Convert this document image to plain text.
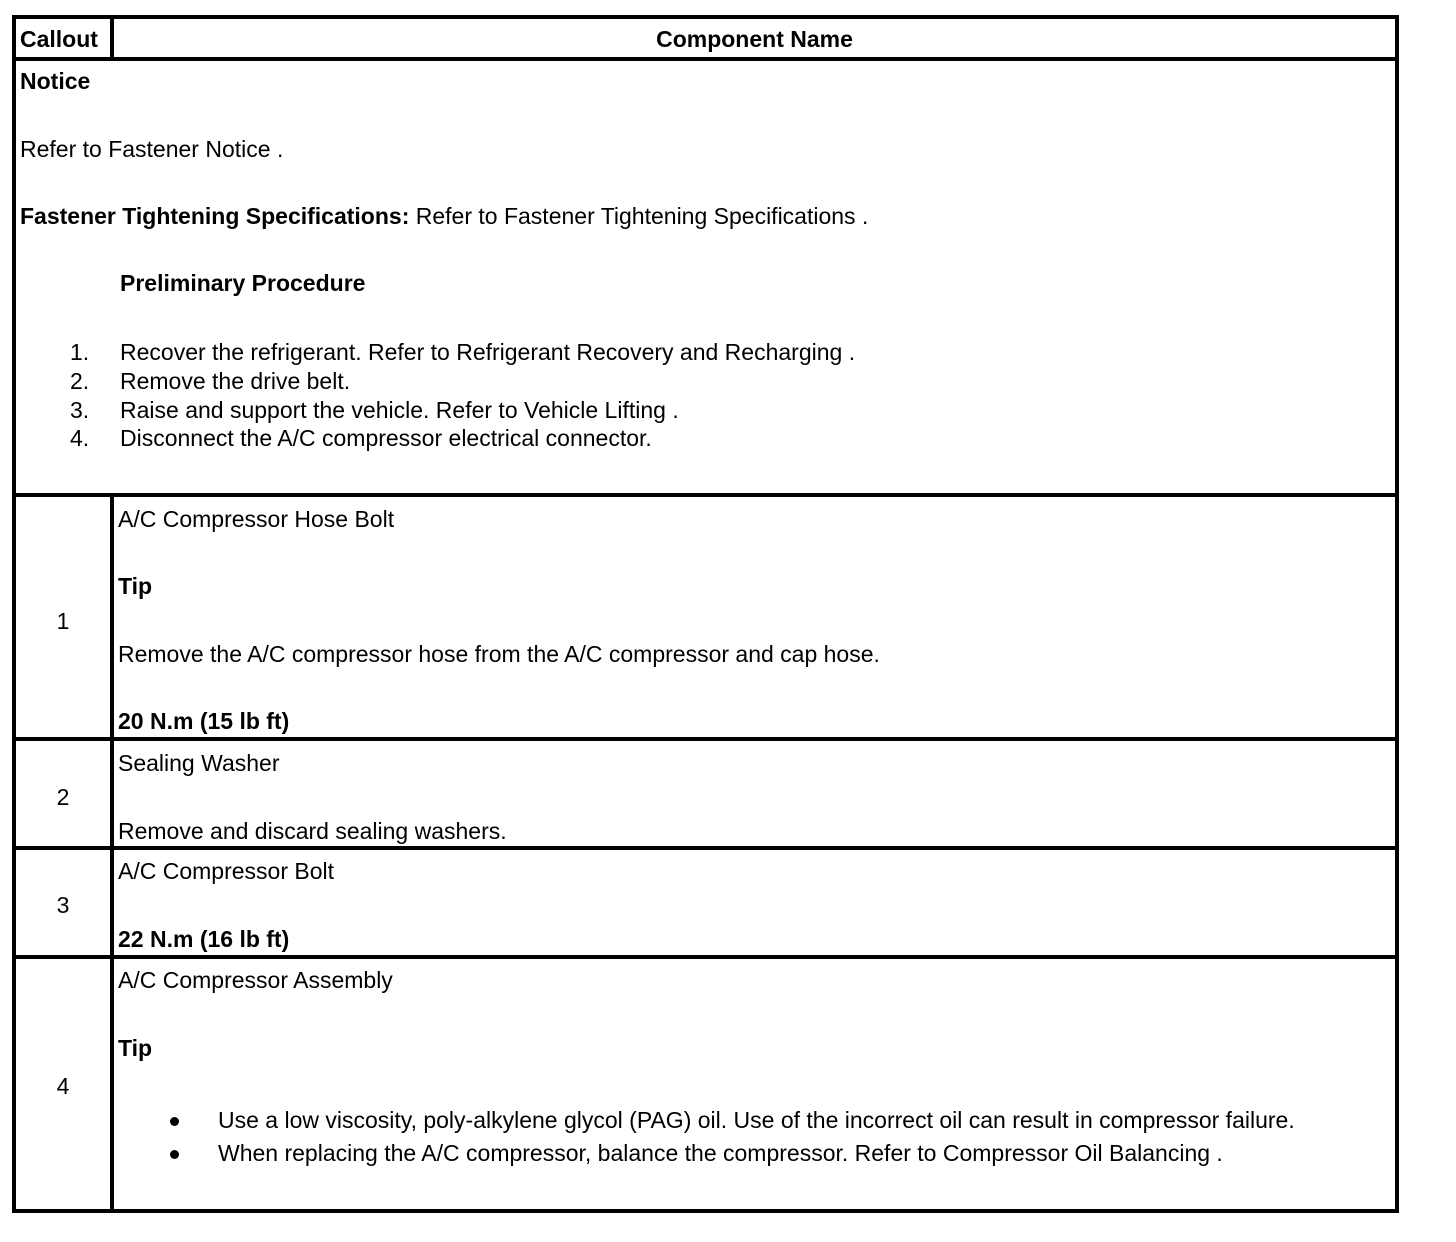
Callout	Component Name
Notice
Refer to Fastener Notice .
Fastener Tightening Specifications: Refer to Fastener Tightening Specifications .
Preliminary Procedure
1. Recover the refrigerant. Refer to Refrigerant Recovery and Recharging .
2. Remove the drive belt.
3. Raise and support the vehicle. Refer to Vehicle Lifting .
4. Disconnect the A/C compressor electrical connector.
1
A/C Compressor Hose Bolt
Tip
Remove the A/C compressor hose from the A/C compressor and cap hose.
20 N.m (15 lb ft)
2
Sealing Washer
Remove and discard sealing washers.
3
A/C Compressor Bolt
22 N.m (16 lb ft)
4
A/C Compressor Assembly
Tip
Use a low viscosity, poly-alkylene glycol (PAG) oil. Use of the incorrect oil can result in compressor failure.
When replacing the A/C compressor, balance the compressor. Refer to Compressor Oil Balancing .
